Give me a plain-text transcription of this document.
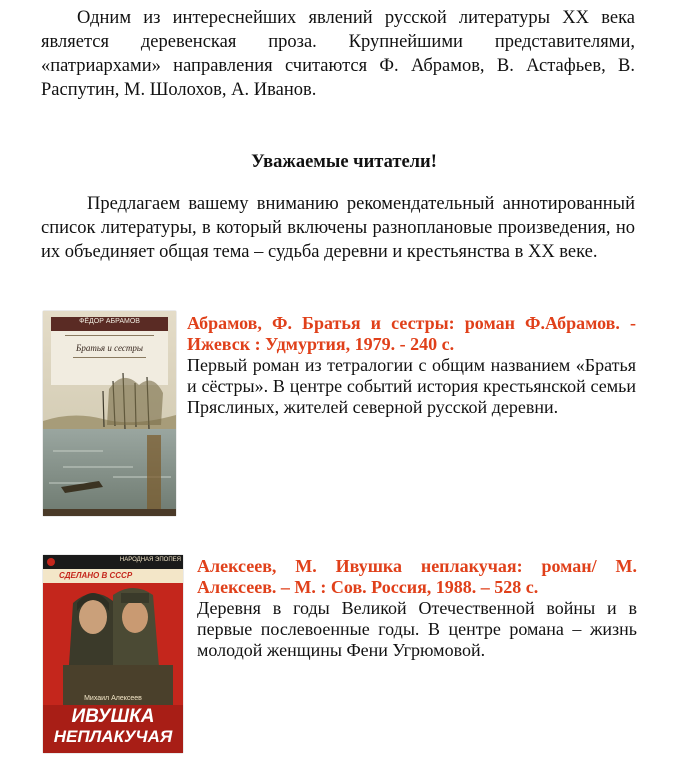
Одним из интереснейших явлений русской литературы XX века является деревенская проза. Крупнейшими представителями, «патриархами» направления считаются Ф. Абрамов, В. Астафьев, В. Распутин, М. Шолохов, А. Иванов.

Уважаемые читатели!

Предлагаем вашему вниманию рекомендательный аннотированный список литературы, в который включены разноплановые произведения, но их объединяет общая тема – судьба деревни и крестьянства в XX веке.

ФЁДОР АБРАМОВ
Братья и сестры

Абрамов, Ф. Братья и сестры: роман Ф.Абрамов. - Ижевск : Удмуртия, 1979. - 240 с.

Первый роман из тетралогии с общим названием «Братья и сёстры». В центре событий история крестьянской семьи Пряслиных, жителей северной русской деревни.

НАРОДНАЯ ЭПОПЕЯ
СДЕЛАНО В СССР
Михаил Алексеев
ИВУШКА
НЕПЛАКУЧАЯ

Алексеев, М. Ивушка неплакучая: роман/ М. Алексеев. – М. : Сов. Россия, 1988. – 528 с.

Деревня в годы Великой Отечественной войны и в первые послевоенные годы. В центре романа – жизнь молодой женщины Фени Угрюмовой.
